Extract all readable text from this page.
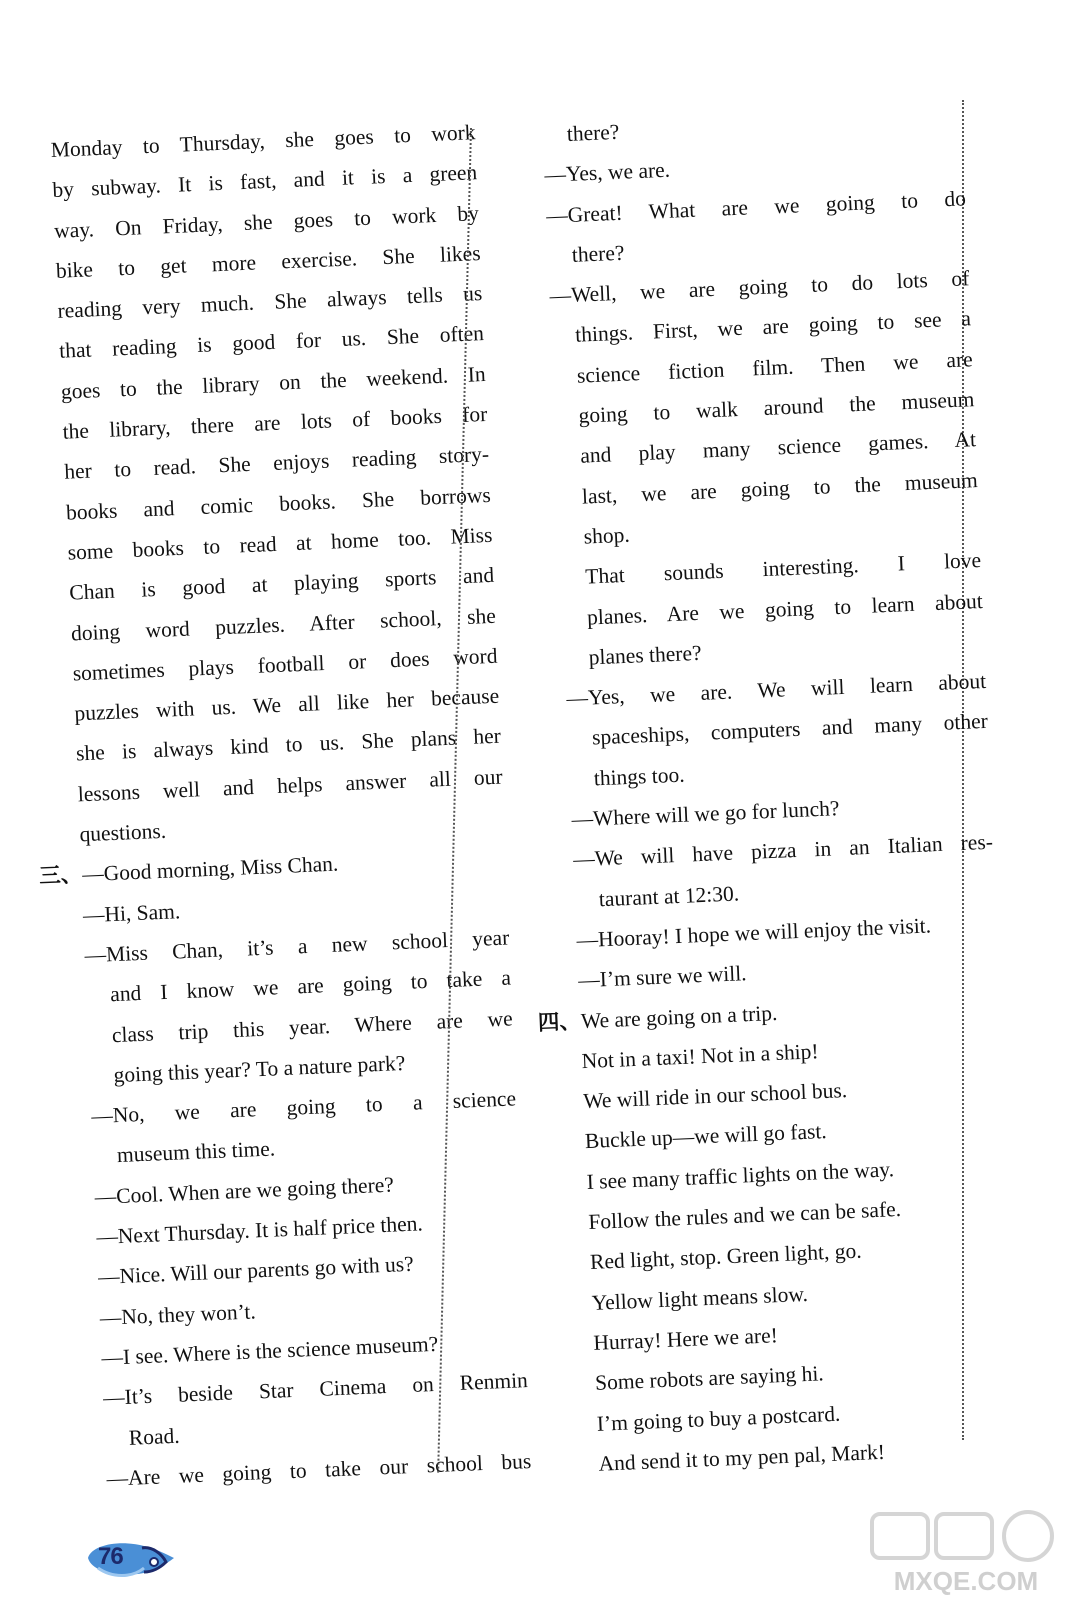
Monday to Thursday, she goes to work
by subway. It is fast, and it is a green
way. On Friday, she goes to work by
bike to get more exercise. She likes
reading very much. She always tells us
that reading is good for us. She often
goes to the library on the weekend. In
the library, there are lots of books for
her to read. She enjoys reading story-
books and comic books. She borrows
some books to read at home too. Miss
Chan is good at playing sports and
doing word puzzles. After school, she
sometimes plays football or does word
puzzles with us. We all like her because
she is always kind to us. She plans her
lessons well and helps answer all our
questions.
三、—Good morning, Miss Chan.
—Hi, Sam.
—Miss Chan, it’s a new school year
and I know we are going to take a
class trip this year. Where are we
going this year? To a nature park?
—No, we are going to a science
museum this time.
—Cool. When are we going there?
—Next Thursday. It is half price then.
—Nice. Will our parents go with us?
—No, they won’t.
—I see. Where is the science museum?
—It’s beside Star Cinema on Renmin
Road.
—Are we going to take our school bus
there?
—Yes, we are.
—Great! What are we going to do
there?
—Well, we are going to do lots of
things. First, we are going to see a
science fiction film. Then we are
going to walk around the museum
and play many science games. At
last, we are going to the museum
shop.
That sounds interesting. I love
planes. Are we going to learn about
planes there?
—Yes, we are. We will learn about
spaceships, computers and many other
things too.
—Where will we go for lunch?
—We will have pizza in an Italian res-
taurant at 12:30.
—Hooray! I hope we will enjoy the visit.
—I’m sure we will.
四、We are going on a trip.
Not in a taxi! Not in a ship!
We will ride in our school bus.
Buckle up—we will go fast.
I see many traffic lights on the way.
Follow the rules and we can be safe.
Red light, stop. Green light, go.
Yellow light means slow.
Hurray! Here we are!
Some robots are saying hi.
I’m going to buy a postcard.
And send it to my pen pal, Mark!
76
MXQE.COM
